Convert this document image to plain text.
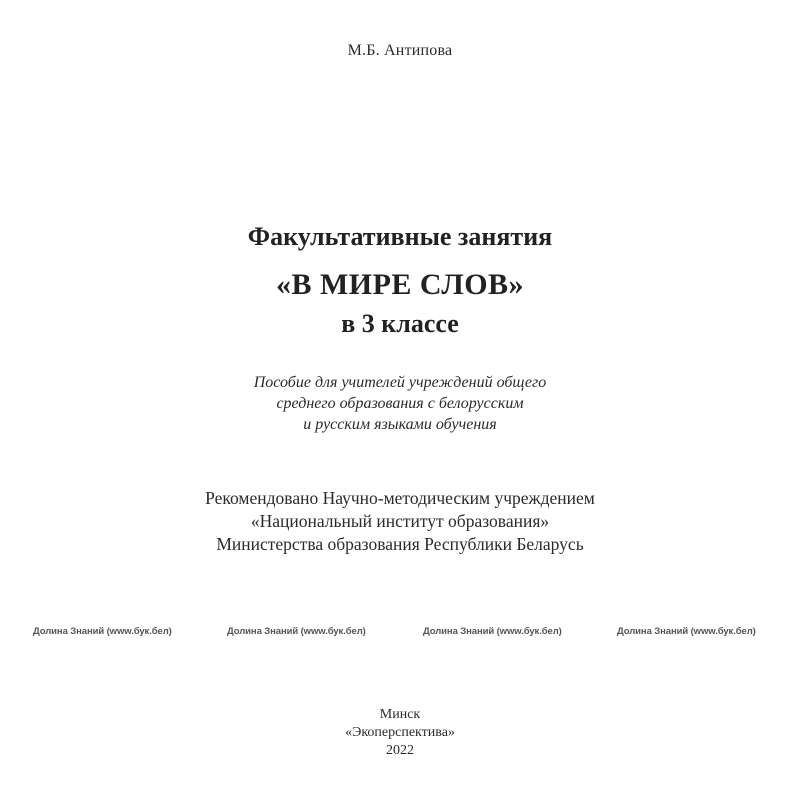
М.Б. Антипова
Факультативные занятия
«В МИРЕ СЛОВ»
в 3 классе
Пособие для учителей учреждений общего
среднего образования с белорусским
и русским языками обучения
Рекомендовано Научно-методическим учреждением
«Национальный институт образования»
Министерства образования Республики Беларусь
Долина Знаний (www.бук.бел)	Долина Знаний (www.бук.бел)	Долина Знаний (www.бук.бел)	Долина Знаний (www.бук.бел)
Минск
«Экоперспектива»
2022
